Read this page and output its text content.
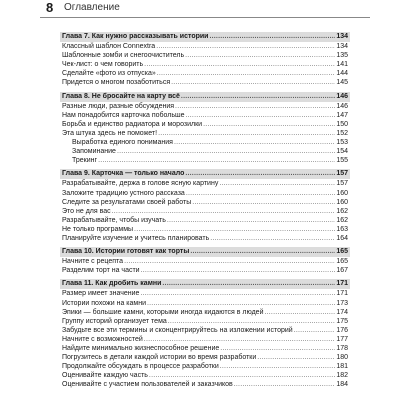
8 Оглавление
Глава 7. Как нужно рассказывать истории .....	134
Классный шаблон Connextra .....	134
Шаблонные зомби и снегоочиститель .....	135
Чек-лист: о чем говорить .....	141
Сделайте «фото из отпуска» .....	144
Придется о многом позаботиться .....	145
Глава 8. Не бросайте на карту всё .....	146
Разные люди, разные обсуждения .....	146
Нам понадобится карточка побольше .....	147
Борьба и единство радиатора и морозилки .....	150
Эта штука здесь не поможет! .....	152
Выработка единого понимания .....	153
Запоминание .....	154
Трекинг .....	155
Глава 9. Карточка — только начало .....	157
Разрабатывайте, держа в голове ясную картину .....	157
Заложите традицию устного рассказа .....	160
Следите за результатами своей работы .....	160
Это не для вас .....	162
Разрабатывайте, чтобы изучать .....	162
Не только программы .....	163
Планируйте изучение и учитесь планировать .....	164
Глава 10. Истории готовят как торты .....	165
Начните с рецепта .....	165
Разделим торт на части .....	167
Глава 11. Как дробить камни .....	171
Размер имеет значение .....	171
Истории похожи на камни .....	173
Эпики — большие камни, которыми иногда кидаются в людей .....	174
Группу историй организует тема .....	175
Забудьте все эти термины и сконцентрируйтесь на изложении историй .....	176
Начните с возможностей .....	177
Найдите минимально жизнеспособное решение .....	178
Погрузитесь в детали каждой истории во время разработки .....	180
Продолжайте обсуждать в процессе разработки .....	181
Оценивайте каждую часть .....	182
Оценивайте с участием пользователей и заказчиков .....	184
